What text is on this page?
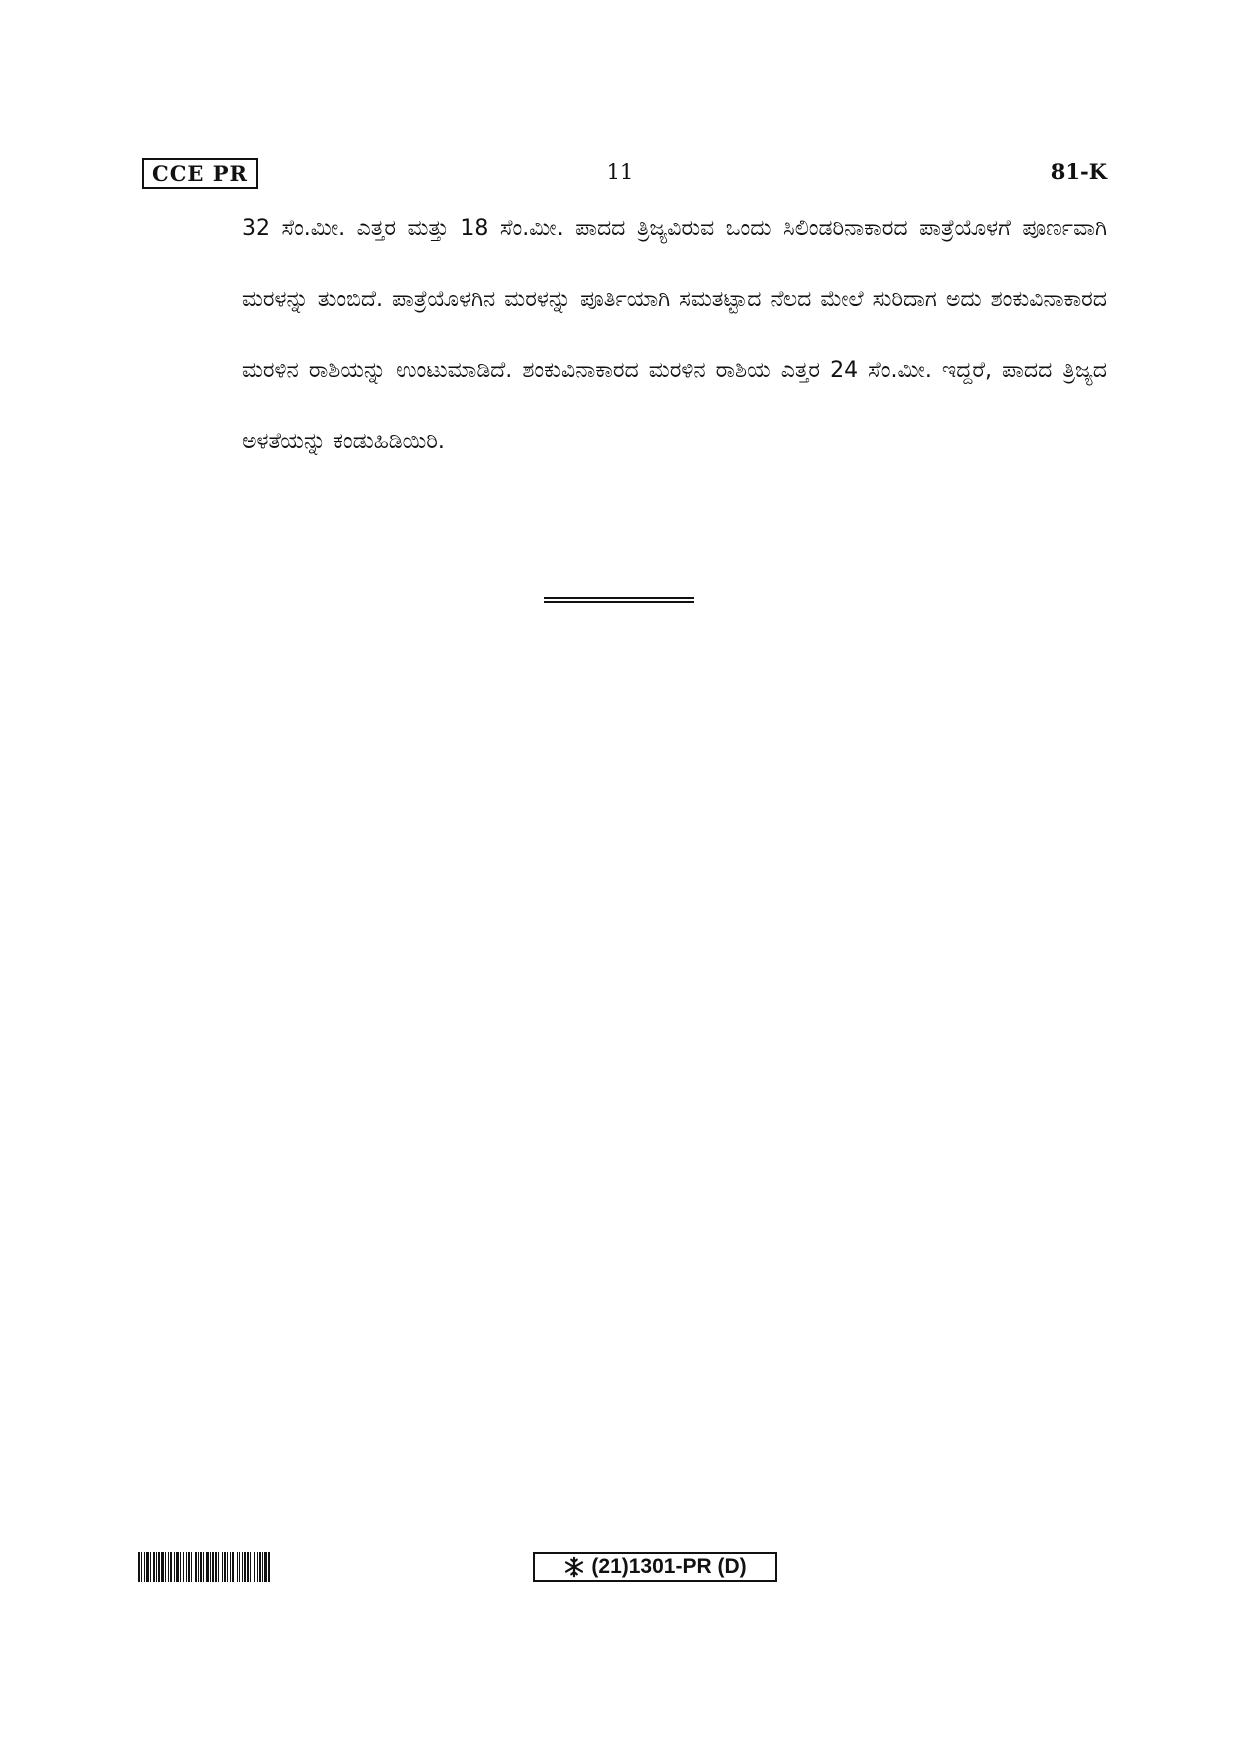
CCE PR	11	81-K
32 ಸೆಂ.ಮೀ. ಎತ್ತರ ಮತ್ತು 18 ಸೆಂ.ಮೀ. ಪಾದದ ತ್ರಿಜ್ಯವಿರುವ ಒಂದು ಸಿಲಿಂಡರಿನಾಕಾರದ ಪಾತ್ರೆಯೊಳಗೆ ಪೂರ್ಣವಾಗಿ ಮರಳನ್ನು ತುಂಬಿದೆ. ಪಾತ್ರೆಯೊಳಗಿನ ಮರಳನ್ನು ಪೂರ್ತಿಯಾಗಿ ಸಮತಟ್ಟಾದ ನೆಲದ ಮೇಲೆ ಸುರಿದಾಗ ಅದು ಶಂಕುವಿನಾಕಾರದ ಮರಳಿನ ರಾಶಿಯನ್ನು ಉಂಟುಮಾಡಿದೆ. ಶಂಕುವಿನಾಕಾರದ ಮರಳಿನ ರಾಶಿಯ ಎತ್ತರ 24 ಸೆಂ.ಮೀ. ಇದ್ದರೆ, ಪಾದದ ತ್ರಿಜ್ಯದ ಅಳತೆಯನ್ನು ಕಂಡುಹಿಡಿಯಿರಿ.
(21)1301-PR (D)
